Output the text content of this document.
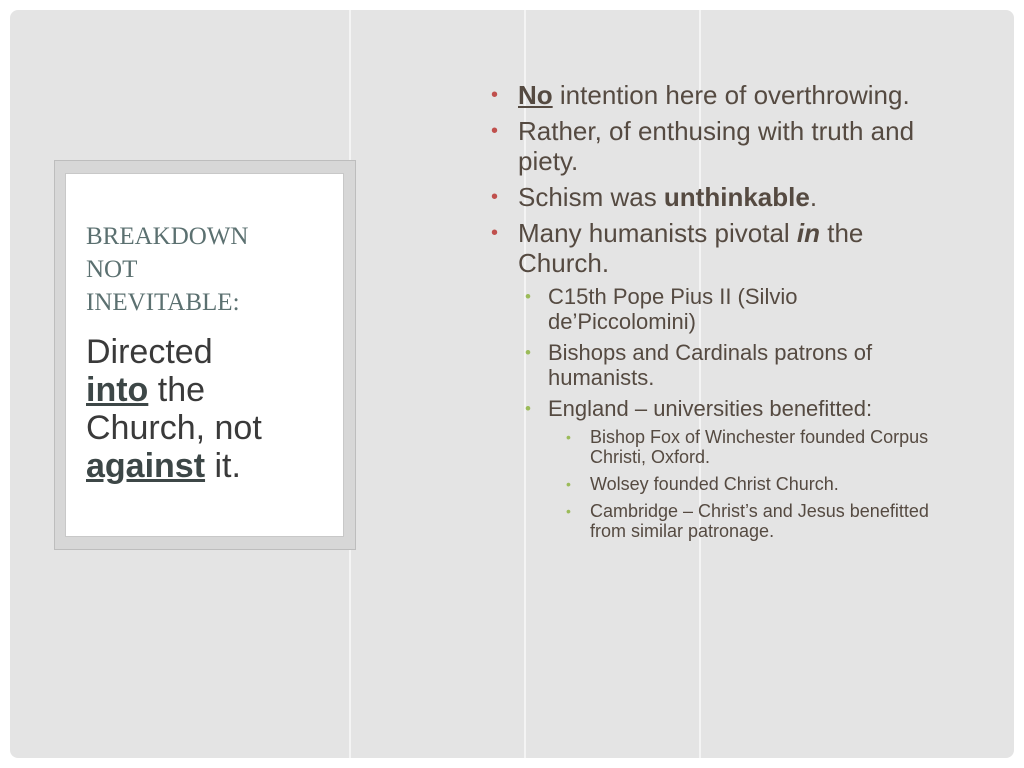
BREAKDOWN
NOT
INEVITABLE:
Directed
into the
Church, not
against it.
• No intention here of overthrowing.
• Rather, of enthusing with truth and piety.
• Schism was unthinkable.
• Many humanists pivotal in the Church.
• C15th Pope Pius II (Silvio de’Piccolomini)
• Bishops and Cardinals patrons of humanists.
• England – universities benefitted:
• Bishop Fox of Winchester founded Corpus Christi, Oxford.
• Wolsey founded Christ Church.
• Cambridge – Christ’s and Jesus benefitted from similar patronage.
